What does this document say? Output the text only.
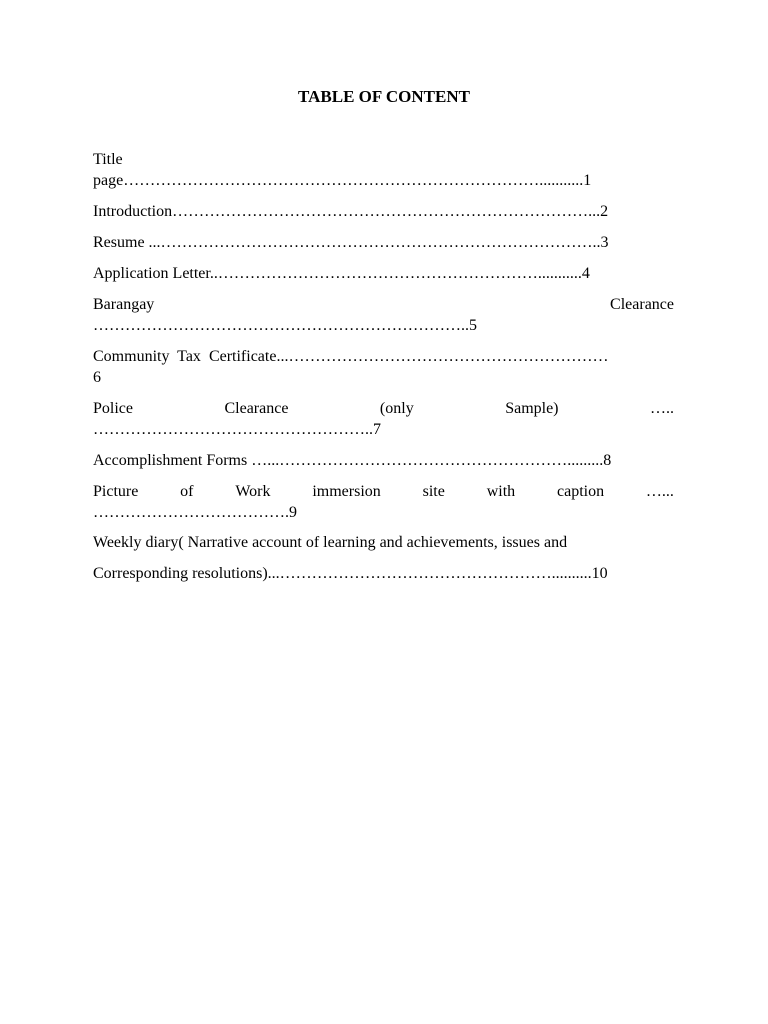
TABLE OF CONTENT
Title
page……………………………………………………………………...........1
Introduction……………………………………………………………………...2
Resume ...………………………………………………………………………..3
Application Letter..……………………………………………………...........4
Barangay	Clearance
……………………………………………………………..5
Community Tax Certificate...……………………………………………………
6
Police	Clearance	(only	Sample)	…..
……………………………………………..7
Accomplishment Forms …...……………………………………………….........8
Picture	of	Work	immersion	site	with	caption	…...
……………………………….9
Weekly diary( Narrative account of learning and achievements, issues and
Corresponding resolutions)...……………………………………………..........10
